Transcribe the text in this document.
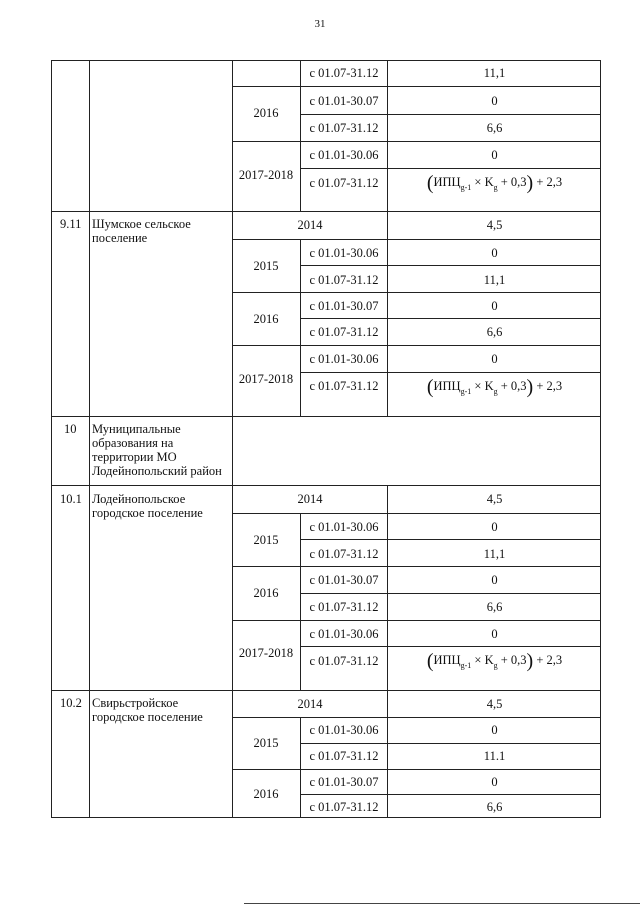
31
с 01.07-31.12	11,1
2016
с 01.01-30.07	0
с 01.07-31.12	6,6
2017-2018
с 01.01-30.06	0
с 01.07-31.12	$(ИПЦ_{g-1} \times K_g + 0,3) + 2,3$
9.11 Шумское сельское поселение
2014	4,5
2015
с 01.01-30.06	0
с 01.07-31.12	11,1
2016
с 01.01-30.07	0
с 01.07-31.12	6,6
2017-2018
с 01.01-30.06	0
с 01.07-31.12	$(ИПЦ_{g-1} \times K_g + 0,3) + 2,3$
10	Муниципальные образования на территории МО Лодейнопольский район
10.1 Лодейнопольское городское поселение
2014	4,5
2015
с 01.01-30.06	0
с 01.07-31.12	11,1
2016
с 01.01-30.07	0
с 01.07-31.12	6,6
2017-2018
с 01.01-30.06	0
с 01.07-31.12	$(ИПЦ_{g-1} \times K_g + 0,3) + 2,3$
10.2 Свирьстройское городское поселение
2014	4,5
2015
с 01.01-30.06	0
с 01.07-31.12	11.1
2016
с 01.01-30.07	0
с 01.07-31.12	6,6
